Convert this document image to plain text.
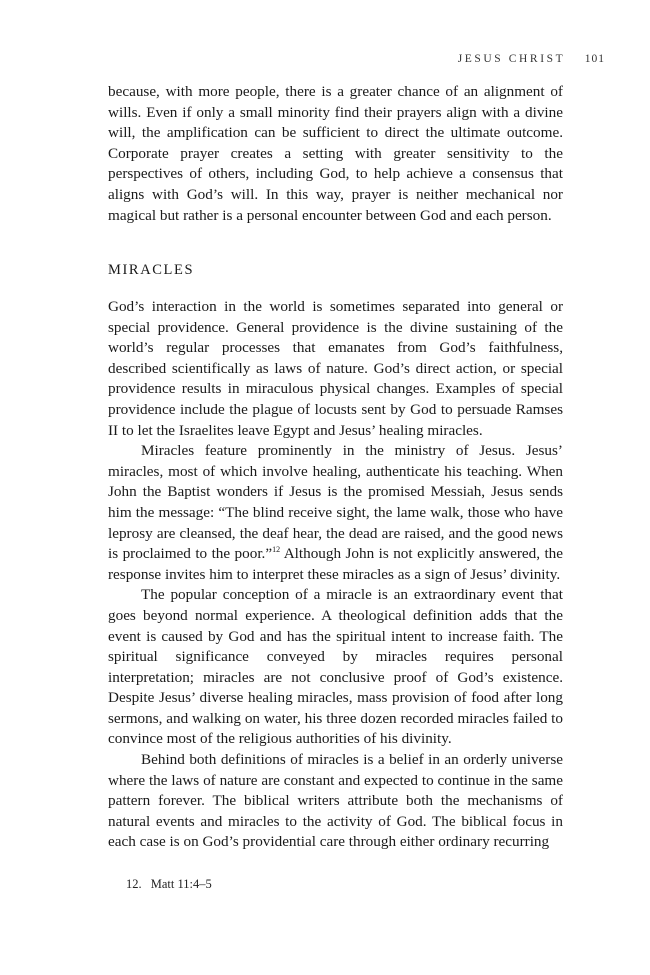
JESUS CHRIST 101

because, with more people, there is a greater chance of an alignment of wills. Even if only a small minority find their prayers align with a divine will, the amplification can be sufficient to direct the ultimate outcome. Corporate prayer creates a setting with greater sensitivity to the perspectives of others, including God, to help achieve a consensus that aligns with God’s will. In this way, prayer is neither mechanical nor magical but rather is a personal encounter between God and each person.

MIRACLES

God’s interaction in the world is sometimes separated into general or special providence. General providence is the divine sustaining of the world’s regular processes that emanates from God’s faithfulness, described scientifically as laws of nature. God’s direct action, or special providence results in miraculous physical changes. Examples of special providence include the plague of locusts sent by God to persuade Ramses II to let the Israelites leave Egypt and Jesus’ healing miracles.

Miracles feature prominently in the ministry of Jesus. Jesus’ miracles, most of which involve healing, authenticate his teaching. When John the Baptist wonders if Jesus is the promised Messiah, Jesus sends him the message: “The blind receive sight, the lame walk, those who have leprosy are cleansed, the deaf hear, the dead are raised, and the good news is proclaimed to the poor.”$^{12}$ Although John is not explicitly answered, the response invites him to interpret these miracles as a sign of Jesus’ divinity.

The popular conception of a miracle is an extraordinary event that goes beyond normal experience. A theological definition adds that the event is caused by God and has the spiritual intent to increase faith. The spiritual significance conveyed by miracles requires personal interpretation; miracles are not conclusive proof of God’s existence. Despite Jesus’ diverse healing miracles, mass provision of food after long sermons, and walking on water, his three dozen recorded miracles failed to convince most of the religious authorities of his divinity.

Behind both definitions of miracles is a belief in an orderly universe where the laws of nature are constant and expected to continue in the same pattern forever. The biblical writers attribute both the mechanisms of natural events and miracles to the activity of God. The biblical focus in each case is on God’s providential care through either ordinary recurring

12. Matt 11:4–5
